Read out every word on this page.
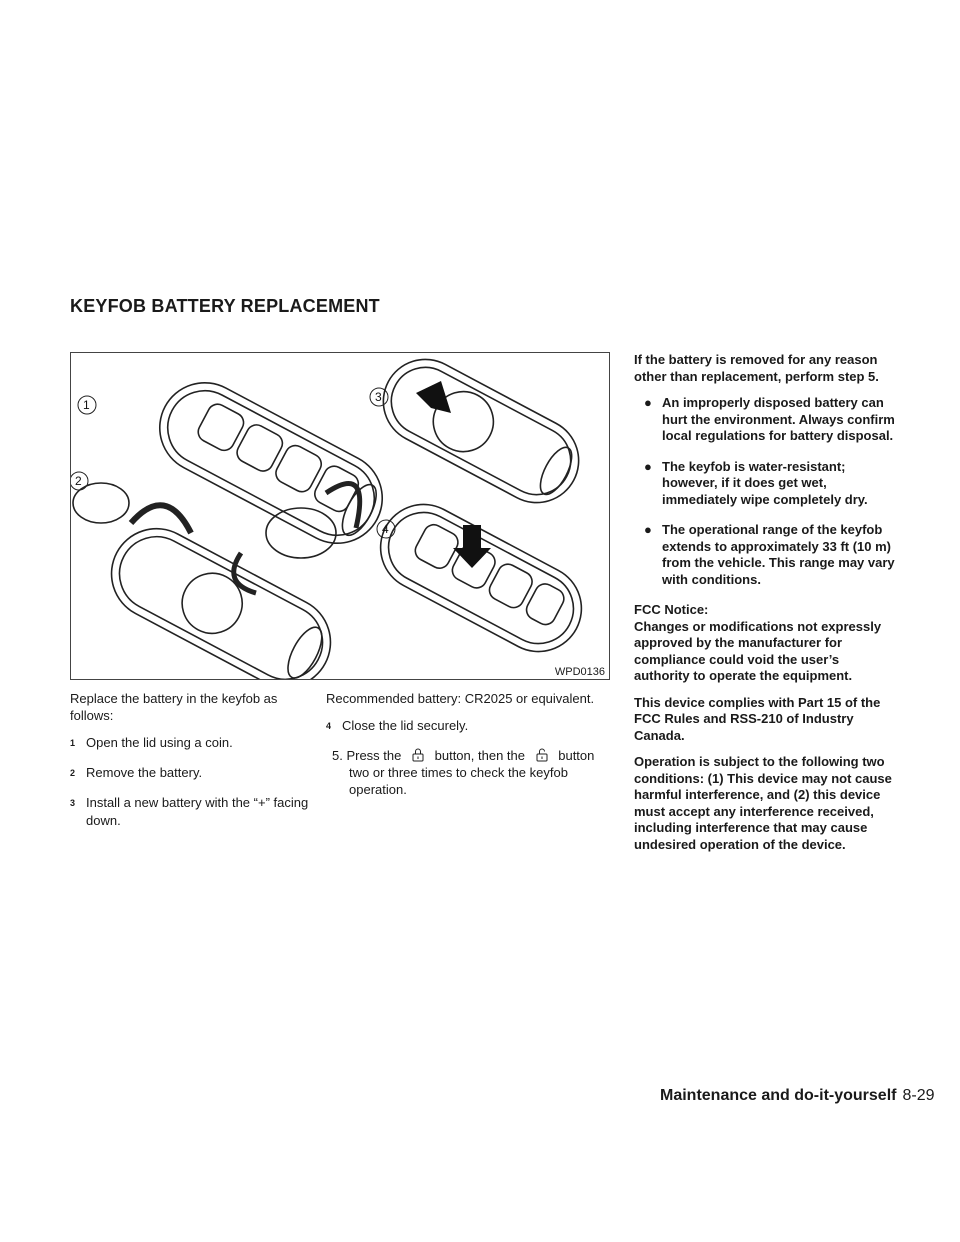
KEYFOB BATTERY REPLACEMENT
1
2
3
4
WPD0136

Replace the battery in the keyfob as follows:

1 Open the lid using a coin.
2 Remove the battery.
3 Install a new battery with the “+” facing down.

Recommended battery: CR2025 or equivalent.

4 Close the lid securely.
5. Press the	button, then the	button two or three times to check the keyfob operation.

If the battery is removed for any reason other than replacement, perform step 5.

● An improperly disposed battery can hurt the environment. Always confirm local regulations for battery disposal.
● The keyfob is water-resistant; however, if it does get wet, immediately wipe completely dry.
● The operational range of the keyfob extends to approximately 33 ft (10 m) from the vehicle. This range may vary with conditions.
FCC Notice:

Changes or modifications not expressly approved by the manufacturer for compliance could void the user’s authority to operate the equipment.

This device complies with Part 15 of the FCC Rules and RSS-210 of Industry Canada.

Operation is subject to the following two conditions: (1) This device may not cause harmful interference, and (2) this device must accept any interference received, including interference that may cause undesired operation of the device.

Maintenance and do-it-yourself 8-29
